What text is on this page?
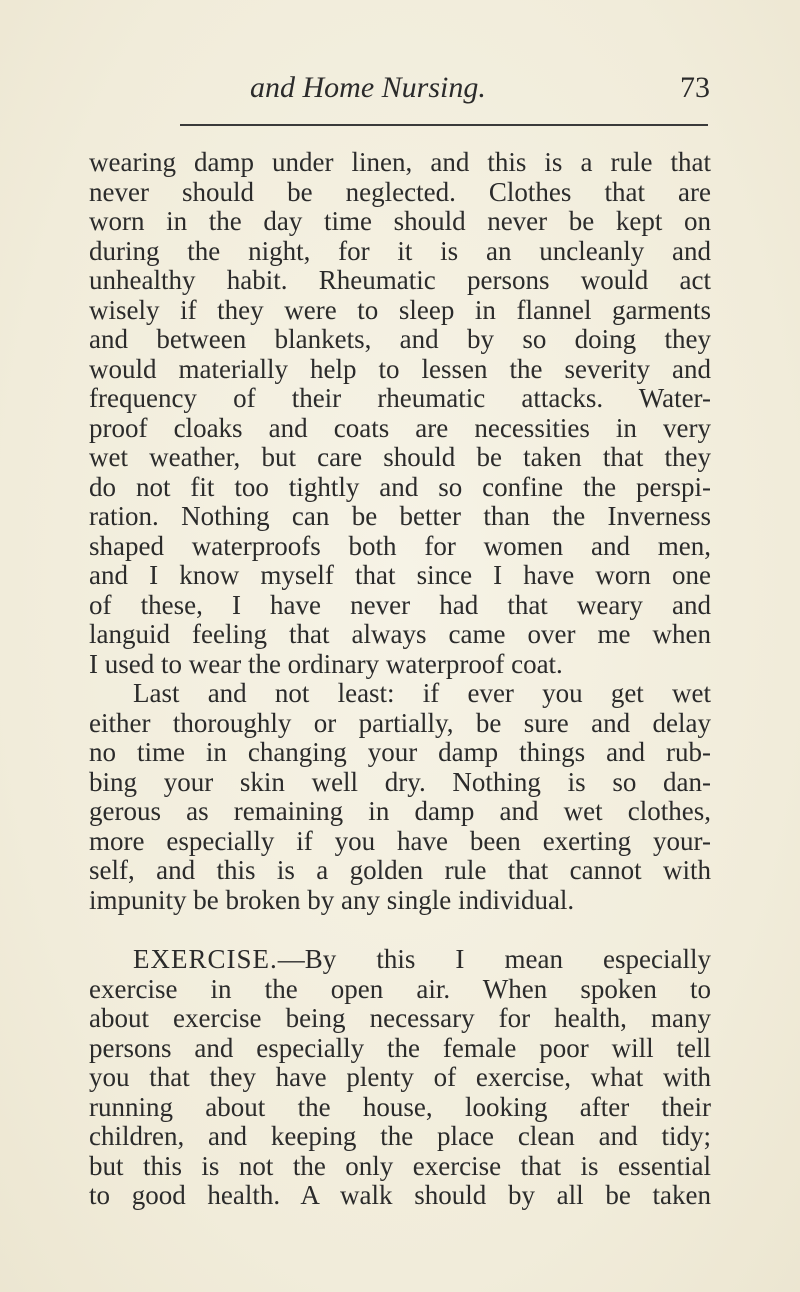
and Home Nursing.	73
wearing damp under linen, and this is a rule that
never should be neglected. Clothes that are
worn in the day time should never be kept on
during the night, for it is an uncleanly and
unhealthy habit. Rheumatic persons would act
wisely if they were to sleep in flannel garments
and between blankets, and by so doing they
would materially help to lessen the severity and
frequency of their rheumatic attacks. Water-
proof cloaks and coats are necessities in very
wet weather, but care should be taken that they
do not fit too tightly and so confine the perspi-
ration. Nothing can be better than the Inverness
shaped waterproofs both for women and men,
and I know myself that since I have worn one
of these, I have never had that weary and
languid feeling that always came over me when
I used to wear the ordinary waterproof coat.
Last and not least: if ever you get wet
either thoroughly or partially, be sure and delay
no time in changing your damp things and rub-
bing your skin well dry. Nothing is so dan-
gerous as remaining in damp and wet clothes,
more especially if you have been exerting your-
self, and this is a golden rule that cannot with
impunity be broken by any single individual.
EXERCISE.—By this I mean especially
exercise in the open air. When spoken to
about exercise being necessary for health, many
persons and especially the female poor will tell
you that they have plenty of exercise, what with
running about the house, looking after their
children, and keeping the place clean and tidy;
but this is not the only exercise that is essential
to good health. A walk should by all be taken
